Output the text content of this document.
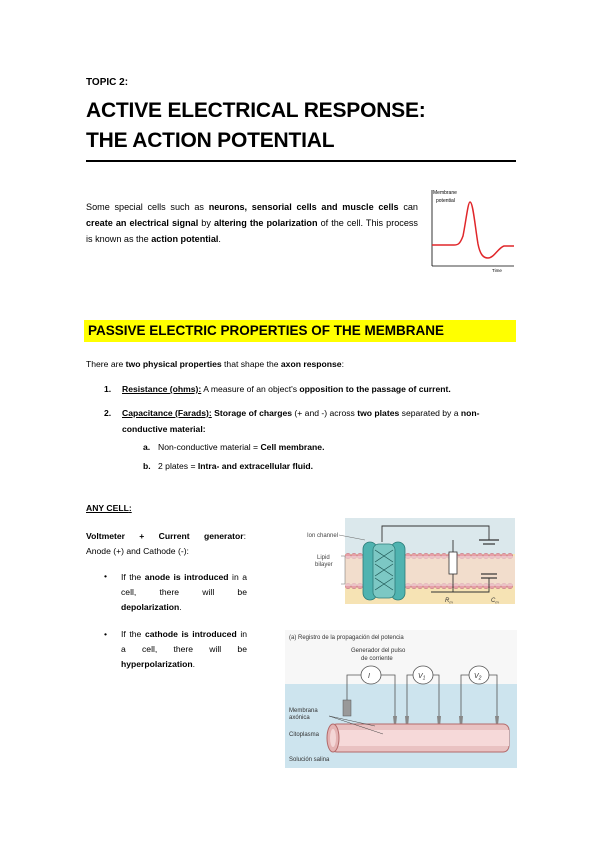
TOPIC 2:
ACTIVE ELECTRICAL RESPONSE:
THE ACTION POTENTIAL
Some special cells such as neurons, sensorial cells and muscle cells can create an electrical signal by altering the polarization of the cell. This process is known as the action potential.
Membrane
potential
Time
PASSIVE ELECTRIC PROPERTIES OF THE MEMBRANE
There are two physical properties that shape the axon response:
1. Resistance (ohms): A measure of an object's opposition to the passage of current.
2. Capacitance (Farads): Storage of charges (+ and -) across two plates separated by a non-conductive material:
a. Non-conductive material = Cell membrane.
b. 2 plates = Intra- and extracellular fluid.
ANY CELL:
Voltmeter + Current generator:
Anode (+) and Cathode (-):
• If the anode is introduced in a cell, there will be depolarization.
• If the cathode is introduced in a cell, there will be hyperpolarization.
Ion channel
Lipid
bilayer
$R_m$	$C_m$
(a) Registro de la propagación del potencia
Generador del pulso
de corriente
I	$V_1$	$V_2$
Membrana
axónica
Citoplasma
Solución salina
